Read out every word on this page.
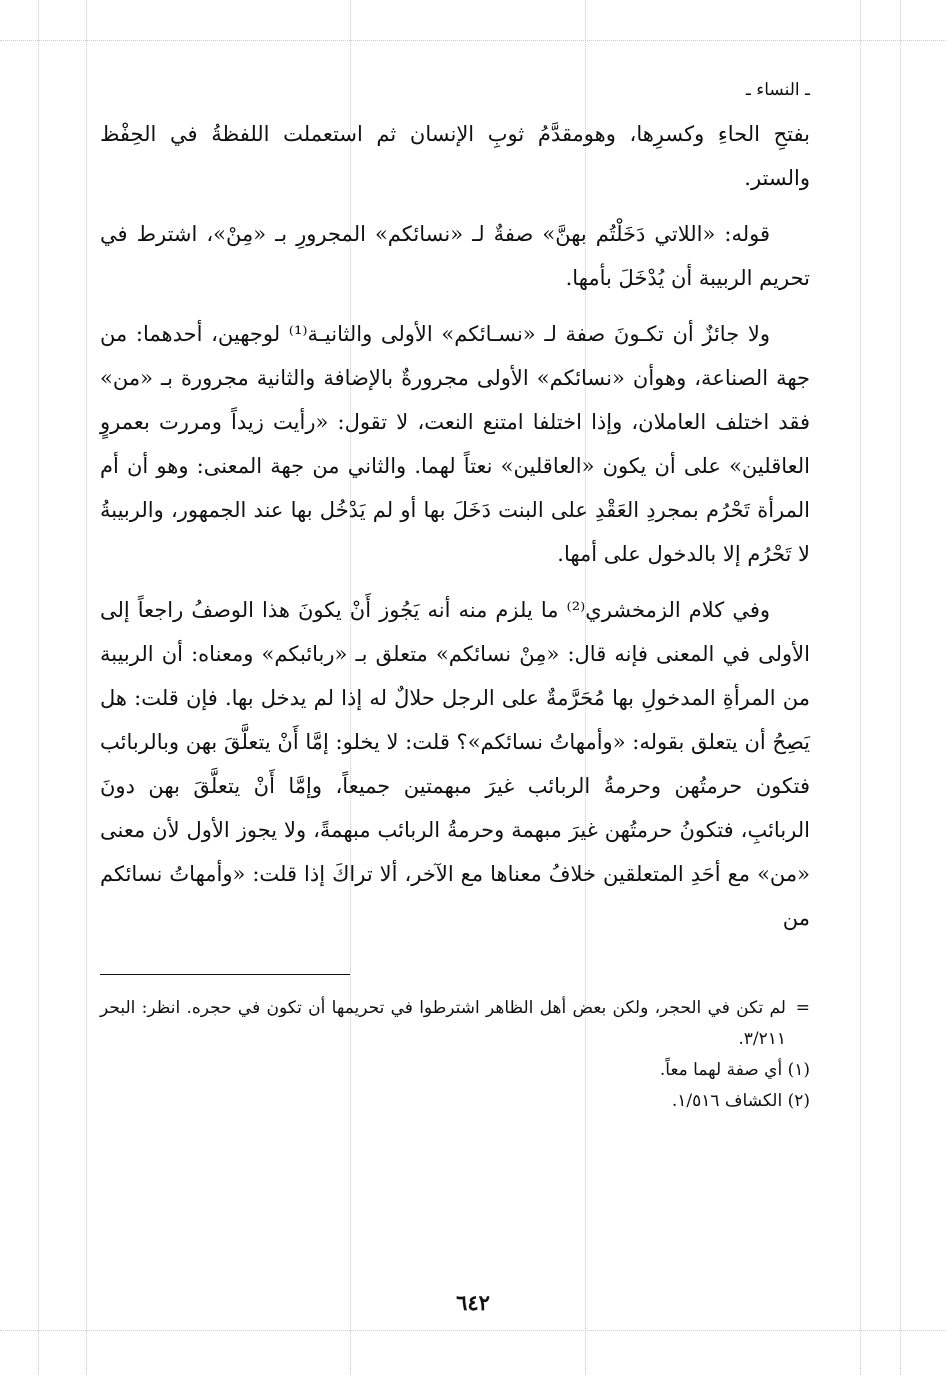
ـ النساء ـ

بفتحِ الحاءِ وكسرِها، وهومقدَّمُ ثوبِ الإنسان ثم استعملت اللفظةُ في الحِفْظ والستر.

قوله: «اللاتي دَخَلْتُم بهنَّ» صفةٌ لـ «نسائكم» المجرورِ بـ «مِنْ»، اشترط في تحريم الربيبة أن يُدْخَلَ بأمها.

ولا جائزٌ أن تكـونَ صفة لـ «نسـائكم» الأولى والثانيـة⁽¹⁾ لوجهين، أحدهما: من جهة الصناعة، وهوأن «نسائكم» الأولى مجرورةٌ بالإضافة والثانية مجرورة بـ «من» فقد اختلف العاملان، وإذا اختلفا امتنع النعت، لا تقول: «رأيت زيداً ومررت بعمروٍ العاقلين» على أن يكون «العاقلين» نعتاً لهما. والثاني من جهة المعنى: وهو أن أم المرأة تَحْرُم بمجردِ العَقْدِ على البنت دَخَلَ بها أو لم يَدْخُل بها عند الجمهور، والربيبةُ لا تَحْرُم إلا بالدخول على أمها.

وفي كلام الزمخشري⁽²⁾ ما يلزم منه أنه يَجُوز أَنْ يكونَ هذا الوصفُ راجعاً إلى الأولى في المعنى فإنه قال: «مِنْ نسائكم» متعلق بـ «ربائبكم» ومعناه: أن الربيبة من المرأةِ المدخولِ بها مُحَرَّمةٌ على الرجل حلالٌ له إذا لم يدخل بها. فإن قلت: هل يَصِحُ أن يتعلق بقوله: «وأمهاتُ نسائكم»؟ قلت: لا يخلو: إمَّا أَنْ يتعلَّقَ بهن وبالربائب فتكون حرمتُهن وحرمةُ الربائب غيرَ مبهمتين جميعاً، وإمَّا أَنْ يتعلَّقَ بهن دونَ الربائبِ، فتكونُ حرمتُهن غيرَ مبهمة وحرمةُ الربائب مبهمةً، ولا يجوز الأول لأن معنى «من» مع أحَدِ المتعلقين خلافُ معناها مع الآخر، ألا تراكَ إذا قلت: «وأمهاتُ نسائكم من

=
لم تكن في الحجر، ولكن بعض أهل الظاهر اشترطوا في تحريمها أن تكون في حجره. انظر: البحر ٣/٢١١.

(١) أي صفة لهما معاً.

(٢) الكشاف ١/٥١٦.

٦٤٢
